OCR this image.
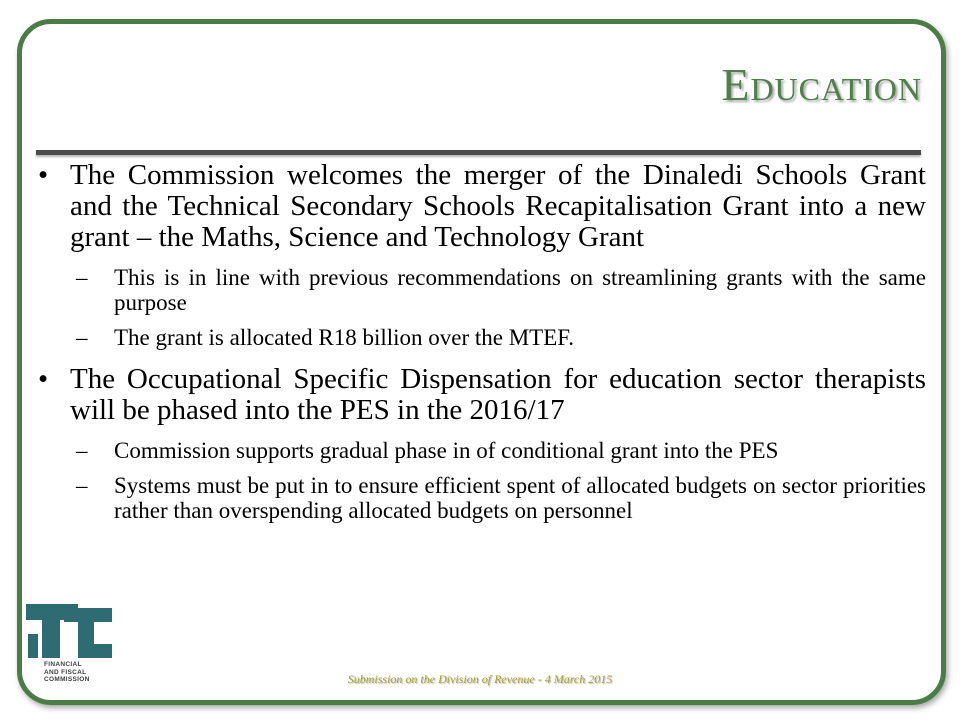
Education

• The Commission welcomes the merger of the Dinaledi Schools Grant and the Technical Secondary Schools Recapitalisation Grant into a new grant – the Maths, Science and Technology Grant

– This is in line with previous recommendations on streamlining grants with the same purpose

– The grant is allocated R18 billion over the MTEF.

• The Occupational Specific Dispensation for education sector therapists will be phased into the PES in the 2016/17

– Commission supports gradual phase in of conditional grant into the PES

– Systems must be put in to ensure efficient spent of allocated budgets on sector priorities rather than overspending allocated budgets on personnel

FINANCIAL
AND FISCAL
COMMISSION	Submission on the Division of Revenue - 4 March 2015
